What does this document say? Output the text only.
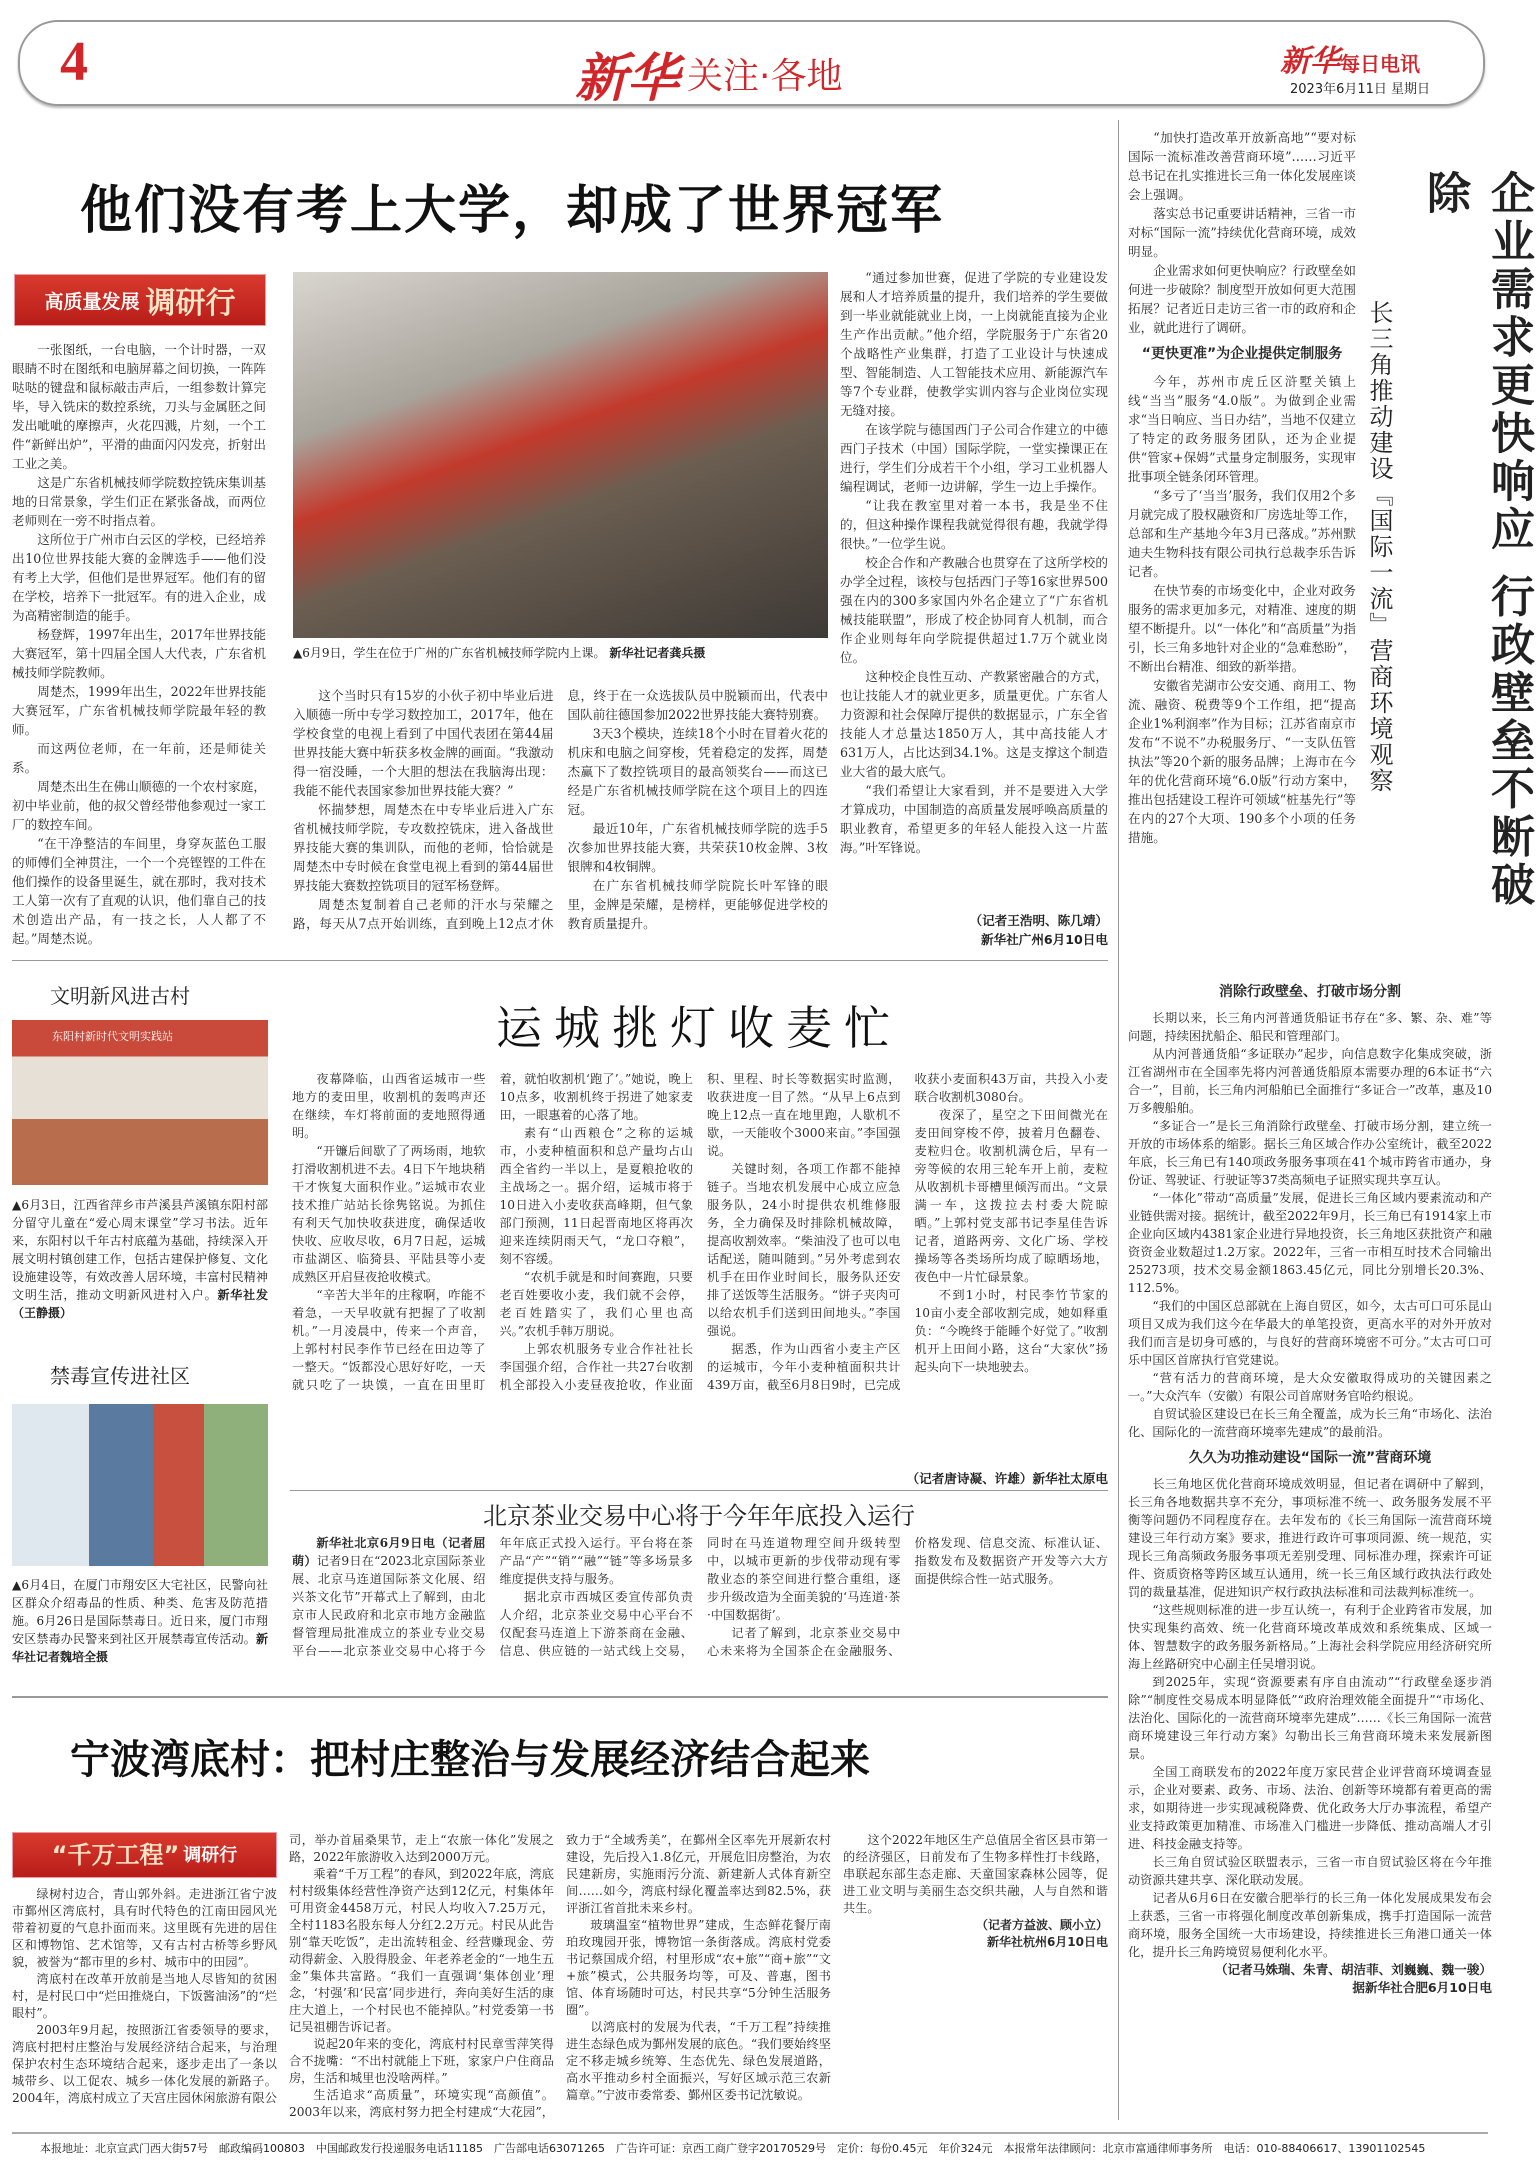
4	新华 关注·各地	新华每日电讯
2023年6月11日 星期日
他们没有考上大学，却成了世界冠军
高质量发展 调研行

一张图纸，一台电脑，一个计时器，一双眼睛不时在图纸和电脑屏幕之间切换，一阵阵哒哒的键盘和鼠标敲击声后，一组参数计算完毕，导入铣床的数控系统，刀头与金属胚之间发出呲呲的摩擦声，火花四溅，片刻，一个工件“新鲜出炉”，平滑的曲面闪闪发亮，折射出工业之美。

这是广东省机械技师学院数控铣床集训基地的日常景象，学生们正在紧张备战，而两位老师则在一旁不时指点着。

这所位于广州市白云区的学校，已经培养出10位世界技能大赛的金牌选手——他们没有考上大学，但他们是世界冠军。他们有的留在学校，培养下一批冠军。有的进入企业，成为高精密制造的能手。

杨登辉，1997年出生，2017年世界技能大赛冠军，第十四届全国人大代表，广东省机械技师学院教师。

周楚杰，1999年出生，2022年世界技能大赛冠军，广东省机械技师学院最年轻的教师。

而这两位老师，在一年前，还是师徒关系。

周楚杰出生在佛山顺德的一个农村家庭，初中毕业前，他的叔父曾经带他参观过一家工厂的数控车间。

“在干净整洁的车间里，身穿灰蓝色工服的师傅们全神贯注，一个一个亮铿铿的工件在他们操作的设备里诞生，就在那时，我对技术工人第一次有了直观的认识，他们靠自己的技术创造出产品，有一技之长，人人都了不起。”周楚杰说。

▲6月9日，学生在位于广州的广东省机械技师学院内上课。 新华社记者龚兵摄

这个当时只有15岁的小伙子初中毕业后进入顺德一所中专学习数控加工，2017年，他在学校食堂的电视上看到了中国代表团在第44届世界技能大赛中斩获多枚金牌的画面。“我激动得一宿没睡，一个大胆的想法在我脑海出现：我能不能代表国家参加世界技能大赛？”

怀揣梦想，周楚杰在中专毕业后进入广东省机械技师学院，专攻数控铣床，进入备战世界技能大赛的集训队，而他的老师，恰恰就是周楚杰中专时候在食堂电视上看到的第44届世界技能大赛数控铣项目的冠军杨登辉。

周楚杰复制着自己老师的汗水与荣耀之路，每天从7点开始训练，直到晚上12点才休息，终于在一众选拔队员中脱颖而出，代表中国队前往德国参加2022世界技能大赛特别赛。

3天3个模块，连续18个小时在冒着火花的机床和电脑之间穿梭，凭着稳定的发挥，周楚杰赢下了数控铣项目的最高领奖台——而这已经是广东省机械技师学院在这个项目上的四连冠。

最近10年，广东省机械技师学院的选手5次参加世界技能大赛，共荣获10枚金牌、3枚银牌和4枚铜牌。

在广东省机械技师学院院长叶军锋的眼里，金牌是荣耀，是榜样，更能够促进学校的教育质量提升。

“通过参加世赛，促进了学院的专业建设发展和人才培养质量的提升，我们培养的学生要做到一毕业就能就业上岗，一上岗就能直接为企业生产作出贡献。”他介绍，学院服务于广东省20个战略性产业集群，打造了工业设计与快速成型、智能制造、人工智能技术应用、新能源汽车等7个专业群，使教学实训内容与企业岗位实现无缝对接。

在该学院与德国西门子公司合作建立的中德西门子技术（中国）国际学院，一堂实操课正在进行，学生们分成若干个小组，学习工业机器人编程调试，老师一边讲解，学生一边上手操作。

“让我在教室里对着一本书，我是坐不住的，但这种操作课程我就觉得很有趣，我就学得很快。”一位学生说。

校企合作和产教融合也贯穿在了这所学校的办学全过程，该校与包括西门子等16家世界500强在内的300多家国内外名企建立了“广东省机械技能联盟”，形成了校企协同育人机制，而合作企业则每年向学院提供超过1.7万个就业岗位。

这种校企良性互动、产教紧密融合的方式，也让技能人才的就业更多，质量更优。广东省人力资源和社会保障厅提供的数据显示，广东全省技能人才总量达1850万人，其中高技能人才631万人，占比达到34.1%。这是支撑这个制造业大省的最大底气。

“我们希望让大家看到，并不是要进入大学才算成功，中国制造的高质量发展呼唤高质量的职业教育，希望更多的年轻人能投入这一片蓝海。”叶军锋说。

（记者王浩明、陈几靖）
新华社广州6月10日电
文明新风进古村
东阳村新时代文明实践站
▲6月3日，江西省萍乡市芦溪县芦溪镇东阳村部分留守儿童在“爱心周末课堂”学习书法。近年来，东阳村以千年古村底蕴为基础，持续深入开展文明村镇创建工作，包括古建保护修复、文化设施建设等，有效改善人居环境，丰富村民精神文明生活，推动文明新风进村入户。新华社发（王静摄）
禁毒宣传进社区
▲6月4日，在厦门市翔安区大宅社区，民警向社区群众介绍毒品的性质、种类、危害及防范措施。6月26日是国际禁毒日。近日来，厦门市翔安区禁毒办民警来到社区开展禁毒宣传活动。新华社记者魏培全摄
运城挑灯收麦忙

夜幕降临，山西省运城市一些地方的麦田里，收割机的轰鸣声还在继续，车灯将前面的麦地照得通明。

“开镰后间歇了了两场雨，地软打滑收割机进不去。4日下午地块稍干才恢复大面积作业。”运城市农业技术推广站站长徐隽铭说。为抓住有利天气加快收获进度，确保适收快收、应收尽收，6月7日起，运城市盐湖区、临猗县、平陆县等小麦成熟区开启昼夜抢收模式。

“辛苦大半年的庄稼啊，咋能不着急，一天早收就有把握了了收割机。”一月凌晨中，传来一个声音，上郭村村民李作节已经在田边等了一整天。“饭都没心思好好吃，一天就只吃了一块馍，一直在田里盯着，就怕收割机‘跑了’。”她说，晚上10点多，收割机终于拐进了她家麦田，一眼惠着的心落了地。

素有“山西粮仓”之称的运城市，小麦种植面积和总产量均占山西全省约一半以上，是夏粮抢收的主战场之一。据介绍，运城市将于10日进入小麦收获高峰期，但气象部门预测，11日起晋南地区将再次迎来连续阴雨天气，“龙口夺粮”，刻不容缓。

“农机手就是和时间赛跑，只要老百姓要收小麦，我们就不会停，老百姓踏实了，我们心里也高兴。”农机手韩万朋说。

上郭农机服务专业合作社社长李国强介绍，合作社一共27台收割机全部投入小麦昼夜抢收，作业面积、里程、时长等数据实时监测，收获进度一目了然。“从早上6点到晚上12点一直在地里跑，人歇机不歇，一天能收个3000来亩。”李国强说。

关键时刻，各项工作都不能掉链子。当地农机发展中心成立应急服务队，24小时提供农机维修服务，全力确保及时排除机械故障，提高收割效率。“柴油没了也可以电话配送，随叫随到。”另外考虑到农机手在田作业时间长，服务队还安排了送饭等生活服务。“饼子夹肉可以给农机手们送到田间地头。”李国强说。

据悉，作为山西省小麦主产区的运城市，今年小麦种植面积共计439万亩，截至6月8日9时，已完成收获小麦面积43万亩，共投入小麦联合收割机3080台。

夜深了，星空之下田间微光在麦田间穿梭不停，披着月色翻卷、麦粒归仓。收割机满仓后，早有一旁等候的农用三轮车开上前，麦粒从收割机卡哥槽里倾泻而出。“文景满一车，这拨拉去村委大院晾晒。”上郭村党支部书记李星佳告诉记者，道路两旁、文化广场、学校操场等各类场所均成了晾晒场地，夜色中一片忙碌景象。

不到1小时，村民李竹节家的10亩小麦全部收割完成，她如释重负：“今晚终于能睡个好觉了。”收割机开上田间小路，这台“大家伙”扬起头向下一块地驶去。

（记者唐诗凝、许雄）新华社太原电
北京茶业交易中心将于今年年底投入运行

新华社北京6月9日电（记者屈萌）记者9日在“2023北京国际茶业展、北京马连道国际茶文化展、绍兴茶文化节”开幕式上了解到，由北京市人民政府和北京市地方金融监督管理局批准成立的茶业专业交易平台——北京茶业交易中心将于今年年底正式投入运行。平台将在茶产品“产”“销”“融”“链”等多场景多维度提供支持与服务。

据北京市西城区委宣传部负责人介绍，北京茶业交易中心平台不仅配套马连道上下游茶商在金融、信息、供应链的一站式线上交易，同时在马连道物理空间升级转型中，以城市更新的步伐带动现有零散业态的茶空间进行整合重组，逐步升级改造为全面美貌的‘马连道·茶·中国数据街’。

记者了解到，北京茶业交易中心未来将为全国茶企在金融服务、价格发现、信息交流、标准认证、指数发布及数据资产开发等六大方面提供综合性一站式服务。

宁波湾底村：把村庄整治与发展经济结合起来
“千万工程” 调研行

绿树村边合，青山郭外斜。走进浙江省宁波市鄞州区湾底村，具有时代特色的江南田园风光带着初夏的气息扑面而来。这里既有先进的居住区和博物馆、艺术馆等，又有古村古桥等乡野风貌，被誉为“都市里的乡村、城市中的田园”。

湾底村在改革开放前是当地人尽皆知的贫困村，是村民口中“烂田推烧白，下饭酱油汤”的“烂眼村”。

2003年9月起，按照浙江省委领导的要求，湾底村把村庄整治与发展经济结合起来，与治理保护农村生态环境结合起来，逐步走出了一条以城带乡、以工促农、城乡一体化发展的新路子。2004年，湾底村成立了天宫庄园休闲旅游有限公司，举办首届桑果节，走上“农旅一体化”发展之路，2022年旅游收入达到2000万元。

乘着“千万工程”的春风，到2022年底，湾底村村级集体经营性净资产达到12亿元，村集体年可用资金4458万元，村民人均收入7.25万元，全村1183名股东每人分红2.2万元。村民从此告别“靠天吃饭”，走出流转租金、经营赚现金、劳动得薪金、入股得股金、年老养老金的“一地生五金”集体共富路。“我们一直强调‘集体创业’理念，‘村强’和‘民富’同步进行，奔向美好生活的康庄大道上，一个村民也不能掉队。”村党委第一书记吴祖棚告诉记者。

说起20年来的变化，湾底村村民章雪萍笑得合不拢嘴：“不出村就能上下班，家家户户住商品房，生活和城里也没啥两样。”

生活追求“高质量”，环境实现“高颜值”。2003年以来，湾底村努力把全村建成“大花园”，致力于“全域秀美”，在鄞州全区率先开展新农村建设，先后投入1.8亿元，开展危旧房整治，为农民建新房，实施雨污分流、新建新人式体育新空间……如今，湾底村绿化覆盖率达到82.5%，获评浙江省首批未来乡村。

玻璃温室“植物世界”建成，生态鲜花餐厅南珀玫瑰园开张，博物馆一条街落成。湾底村党委书记蔡国成介绍，村里形成“农+旅”“商+旅”“文+旅”模式，公共服务均等，可及、普惠，图书馆、体育场随时可达，村民共享“5分钟生活服务圈”。

以湾底村的发展为代表，“千万工程”持续推进生态绿色成为鄞州发展的底色。“我们要始终坚定不移走城乡统筹、生态优先、绿色发展道路，高水平推动乡村全面振兴，写好区域示范三农新篇章。”宁波市委常委、鄞州区委书记沈敏说。

这个2022年地区生产总值居全省区县市第一的经济强区，日前发布了生物多样性打卡线路，串联起东部生态走廊、天童国家森林公园等，促进工业文明与美丽生态交织共融，人与自然和谐共生。

（记者方益波、顾小立）
新华社杭州6月10日电
企业需求更快响应 行政壁垒不断破除
长三角推动建设『国际一流』营商环境观察

“加快打造改革开放新高地”“要对标国际一流标准改善营商环境”……习近平总书记在扎实推进长三角一体化发展座谈会上强调。

落实总书记重要讲话精神，三省一市对标“国际一流”持续优化营商环境，成效明显。

企业需求如何更快响应？行政壁垒如何进一步破除？制度型开放如何更大范围拓展？记者近日走访三省一市的政府和企业，就此进行了调研。

“更快更准”为企业提供定制服务

今年，苏州市虎丘区浒墅关镇上线“当当”服务“4.0版”。为做到企业需求“当日响应、当日办结”，当地不仅建立了特定的政务服务团队，还为企业提供“管家+保姆”式量身定制服务，实现审批事项全链条闭环管理。

“多亏了‘当当’服务，我们仅用2个多月就完成了股权融资和厂房选址等工作，总部和生产基地今年3月已落成。”苏州默迪夫生物科技有限公司执行总裁李乐告诉记者。

在快节奏的市场变化中，企业对政务服务的需求更加多元，对精准、速度的期望不断提升。以“一体化”和“高质量”为指引，长三角多地针对企业的“急难愁盼”，不断出台精准、细致的新举措。

安徽省芜湖市公安交通、商用工、物流、融资、税费等9个工作组，把“提高企业1%利润率”作为目标；江苏省南京市发布“不说不”办税服务厅、“一支队伍管执法”等20个新的服务品牌；上海市在今年的优化营商环境“6.0版”行动方案中，推出包括建设工程许可领域“桩基先行”等在内的27个大项、190多个小项的任务措施。

消除行政壁垒、打破市场分割

长期以来，长三角内河普通货船证书存在“多、繁、杂、难”等问题，持续困扰船企、船民和管理部门。

从内河普通货船“多证联办”起步，向信息数字化集成突破，浙江省湖州市在全国率先将内河普通货船原本需要办理的6本证书“六合一”，目前，长三角内河船舶已全面推行“多证合一”改革，惠及10万多艘船舶。

“多证合一”是长三角消除行政壁垒、打破市场分割，建立统一开放的市场体系的缩影。据长三角区域合作办公室统计，截至2022年底，长三角已有140项政务服务事项在41个城市跨省市通办，身份证、驾驶证、行驶证等37类高频电子证照实现共享互认。

“一体化”带动“高质量”发展，促进长三角区域内要素流动和产业链供需对接。据统计，截至2022年9月，长三角已有1914家上市企业向区域内4381家企业进行异地投资，长三角地区获批资产和融资资金业数超过1.2万家。2022年，三省一市相互时技术合同输出25273项，技术交易金额1863.45亿元，同比分别增长20.3%、112.5%。

“我们的中国区总部就在上海自贸区，如今，太古可口可乐昆山项目又成为我们这今在华最大的单笔投资，更高水平的对外开放对我们而言是切身可感的，与良好的营商环境密不可分。”太古可口可乐中国区首席执行官党建说。

“营有活力的营商环境，是大众安徽取得成功的关键因素之一。”大众汽车（安徽）有限公司首席财务官哈约根说。

自贸试验区建设已在长三角全覆盖，成为长三角“市场化、法治化、国际化的一流营商环境率先建成”的最前沿。

久久为功推动建设“国际一流”营商环境

长三角地区优化营商环境成效明显，但记者在调研中了解到，长三角各地数据共享不充分，事项标准不统一、政务服务发展不平衡等问题仍不同程度存在。去年发布的《长三角国际一流营商环境建设三年行动方案》要求，推进行政许可事项同源、统一规范，实现长三角高频政务服务事项无差别受理、同标准办理，探索许可证件、资质资格等跨区域互认通用，统一长三角区域行政执法行政处罚的裁量基准，促进知识产权行政执法标准和司法裁判标准统一。

“这些规则标准的进一步互认统一，有利于企业跨省市发展，加快实现集约高效、统一化营商环境改革成效和系统集成、区域一体、智慧数字的政务服务新格局。”上海社会科学院应用经济研究所海上丝路研究中心副主任吴增羽说。

到2025年，实现“资源要素有序自由流动”“行政壁垒逐步消除”“制度性交易成本明显降低”“政府治理效能全面提升”“市场化、法治化、国际化的一流营商环境率先建成”……《长三角国际一流营商环境建设三年行动方案》勾勒出长三角营商环境未来发展新图景。

全国工商联发布的2022年度万家民营企业评营商环境调查显示，企业对要素、政务、市场、法治、创新等环境都有着更高的需求，如期待进一步实现减税降费、优化政务大厅办事流程，希望产业支持政策更加精准、市场准入门槛进一步降低、推动高端人才引进、科技金融支持等。

长三角自贸试验区联盟表示，三省一市自贸试验区将在今年推动资源共建共享、深化联动发展。

记者从6月6日在安徽合肥举行的长三角一体化发展成果发布会上获悉，三省一市将强化制度改革创新集成，携手打造国际一流营商环境，服务全国统一大市场建设，持续推进长三角港口通关一体化，提升长三角跨境贸易便利化水平。

（记者马姝瑞、朱青、胡洁菲、刘巍巍、魏一骏）
据新华社合肥6月10日电
本报地址：北京宣武门西大街57号　邮政编码100803　中国邮政发行投递服务电话11185　广告部电话63071265　广告许可证：京西工商广登字20170529号　定价：每份0.45元　年价324元　本报常年法律顾问：北京市富通律师事务所　电话：010-88406617、13901102545
